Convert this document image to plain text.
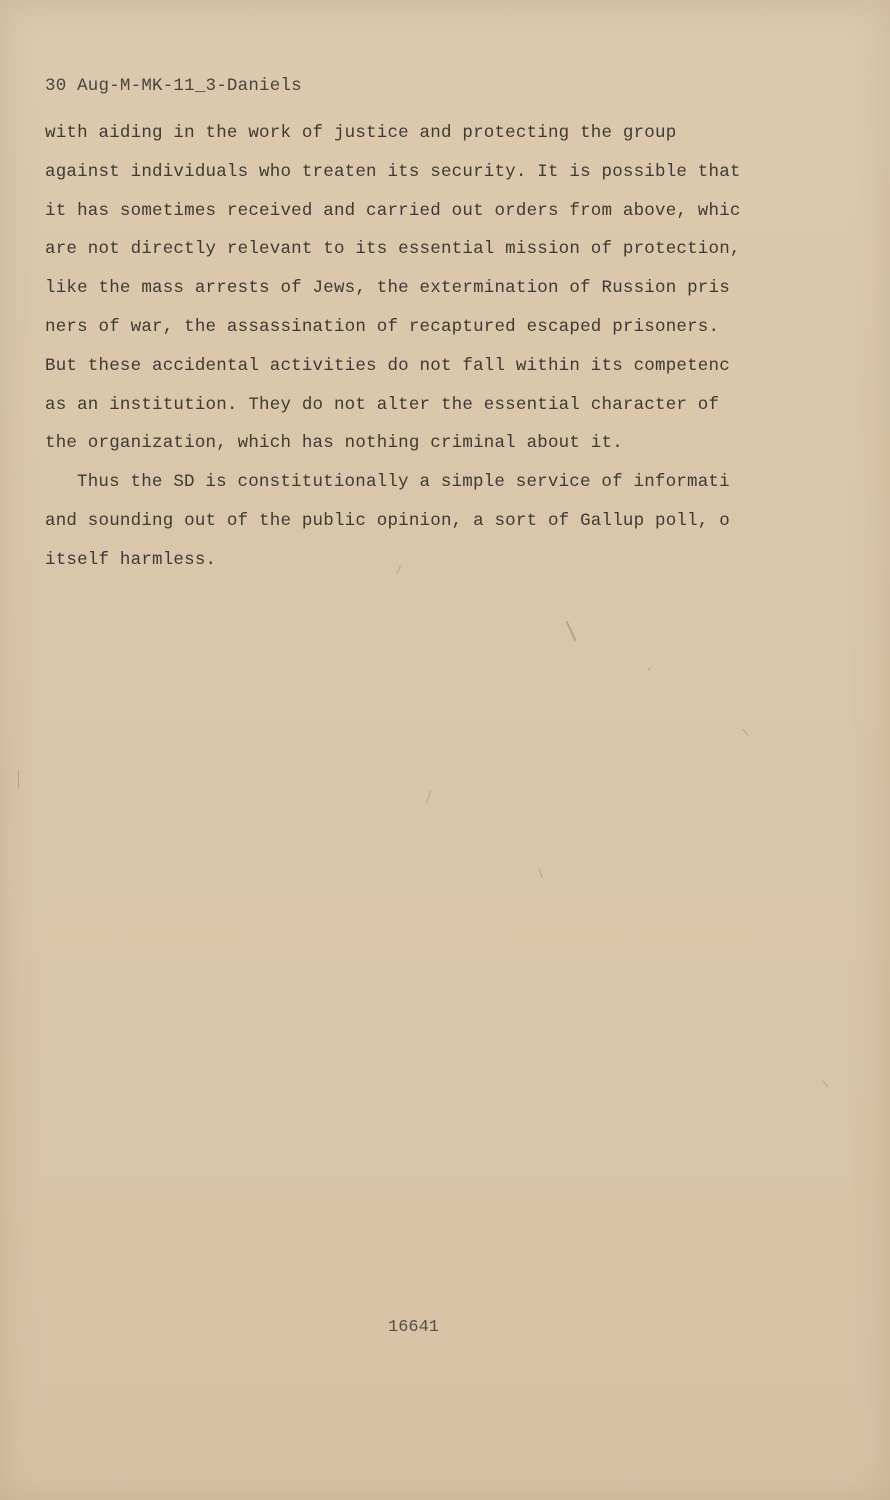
30 Aug-M-MK-11_3-Daniels
with aiding in the work of justice and protecting the group
against individuals who treaten its security. It is possible that
it has sometimes received and carried out orders from above, whic
are not directly relevant to its essential mission of protection,
like the mass arrests of Jews, the extermination of Russion pris
ners of war, the assassination of recaptured escaped prisoners.
But these accidental activities do not fall within its competenc
as an institution. They do not alter the essential character of
the organization, which has nothing criminal about it.
Thus the SD is constitutionally a simple service of informati
and sounding out of the public opinion, a sort of Gallup poll, o
itself harmless.
16641
